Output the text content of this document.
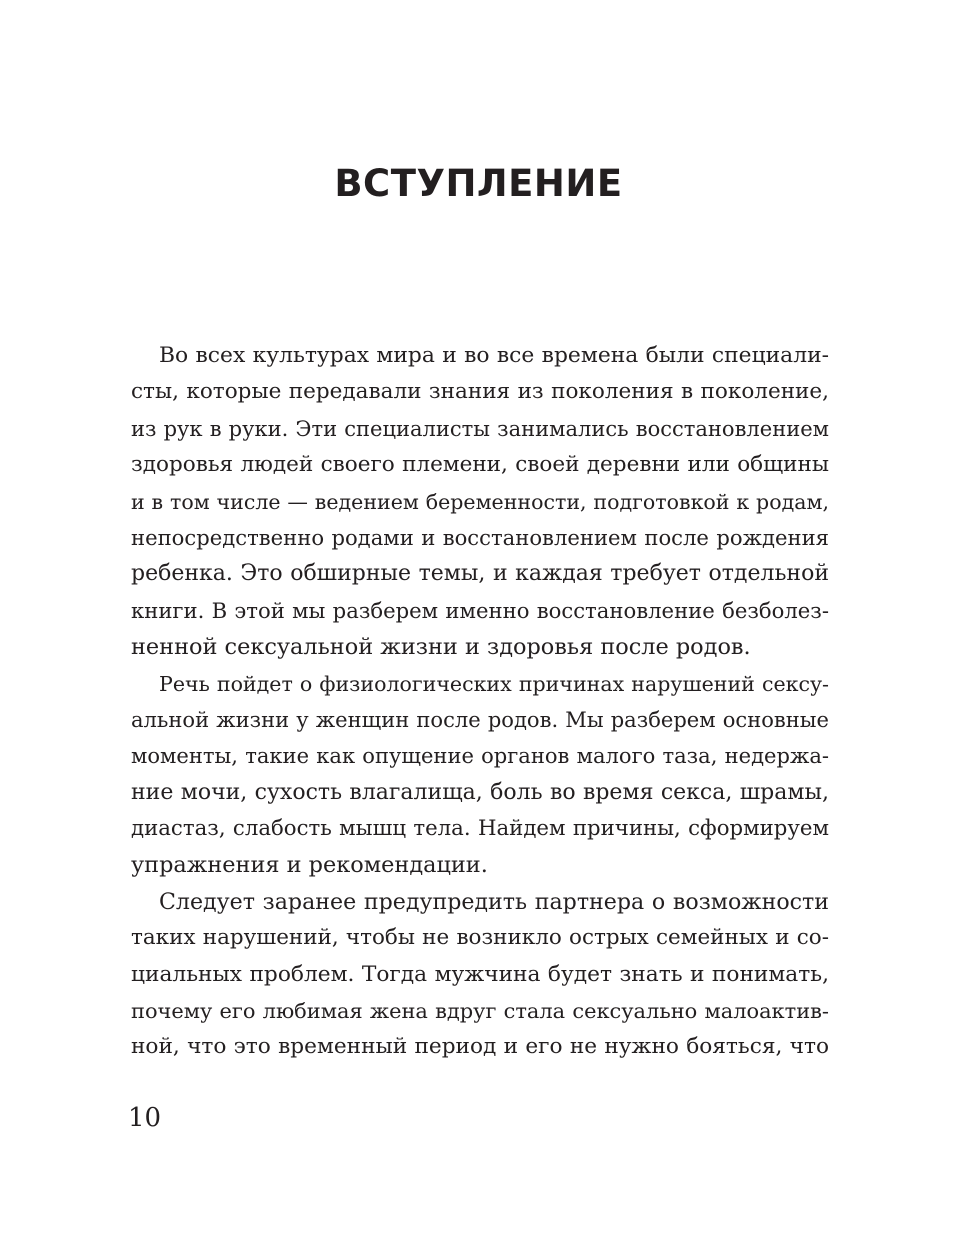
ВСТУПЛЕНИЕ
Во всех культурах мира и во все времена были специали-
сты, которые передавали знания из поколения в поколение,
из рук в руки. Эти специалисты занимались восстановлением
здоровья людей своего племени, своей деревни или общины
и в том числе — ведением беременности, подготовкой к родам,
непосредственно родами и восстановлением после рождения
ребенка. Это обширные темы, и каждая требует отдельной
книги. В этой мы разберем именно восстановление безболез-
ненной сексуальной жизни и здоровья после родов.
Речь пойдет о физиологических причинах нарушений сексу-
альной жизни у женщин после родов. Мы разберем основные
моменты, такие как опущение органов малого таза, недержа-
ние мочи, сухость влагалища, боль во время секса, шрамы,
диастаз, слабость мышц тела. Найдем причины, сформируем
упражнения и рекомендации.
Следует заранее предупредить партнера о возможности
таких нарушений, чтобы не возникло острых семейных и со-
циальных проблем. Тогда мужчина будет знать и понимать,
почему его любимая жена вдруг стала сексуально малоактив-
ной, что это временный период и его не нужно бояться, что
10
